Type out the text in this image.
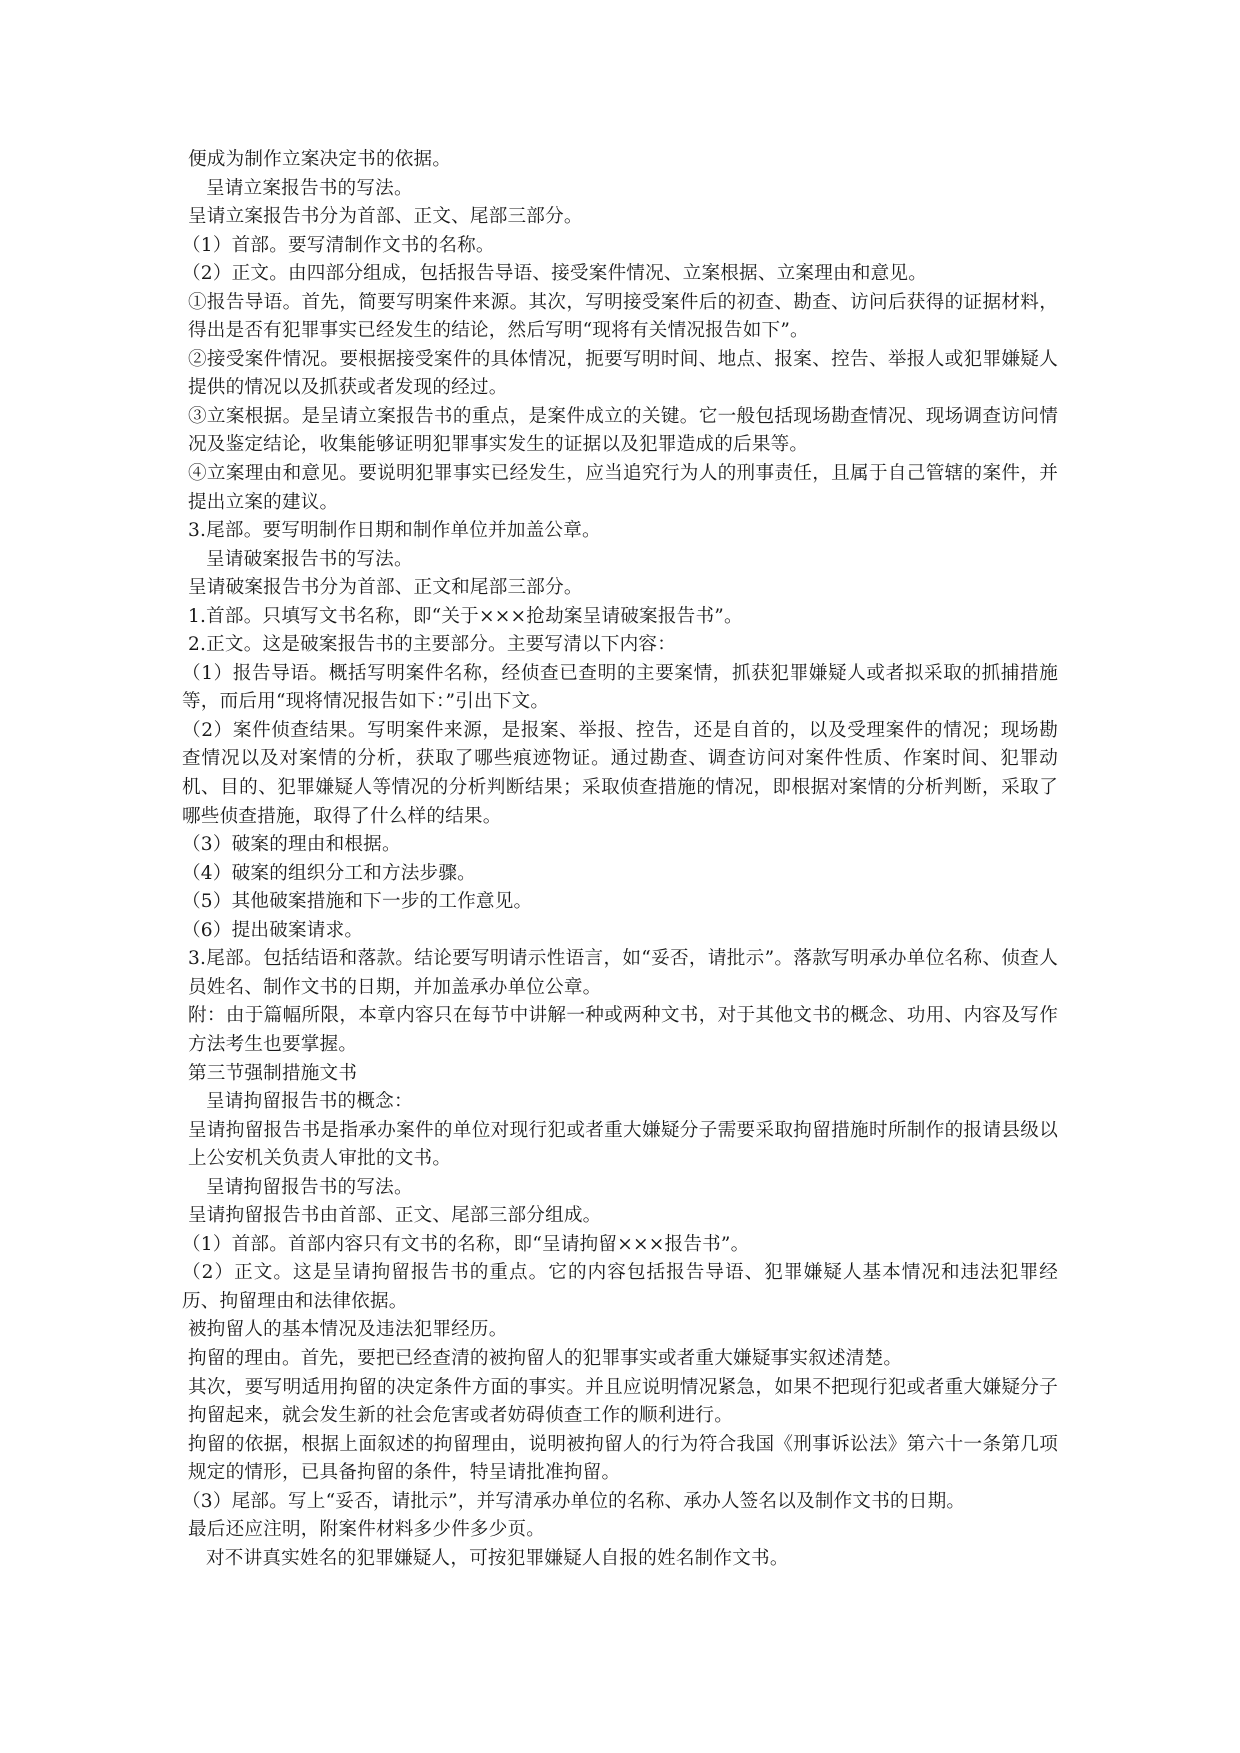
便成为制作立案决定书的依据。

呈请立案报告书的写法。

呈请立案报告书分为首部、正文、尾部三部分。

（1）首部。要写清制作文书的名称。

（2）正文。由四部分组成，包括报告导语、接受案件情况、立案根据、立案理由和意见。

①报告导语。首先，简要写明案件来源。其次，写明接受案件后的初查、勘查、访问后获得的证据材料，得出是否有犯罪事实已经发生的结论，然后写明“现将有关情况报告如下”。

②接受案件情况。要根据接受案件的具体情况，扼要写明时间、地点、报案、控告、举报人或犯罪嫌疑人提供的情况以及抓获或者发现的经过。

③立案根据。是呈请立案报告书的重点，是案件成立的关键。它一般包括现场勘查情况、现场调查访问情况及鉴定结论，收集能够证明犯罪事实发生的证据以及犯罪造成的后果等。

④立案理由和意见。要说明犯罪事实已经发生，应当追究行为人的刑事责任，且属于自己管辖的案件，并提出立案的建议。

3.尾部。要写明制作日期和制作单位并加盖公章。

呈请破案报告书的写法。

呈请破案报告书分为首部、正文和尾部三部分。

1.首部。只填写文书名称，即“关于×××抢劫案呈请破案报告书”。

2.正文。这是破案报告书的主要部分。主要写清以下内容：

（1）报告导语。概括写明案件名称，经侦查已查明的主要案情，抓获犯罪嫌疑人或者拟采取的抓捕措施等，而后用“现将情况报告如下：”引出下文。

（2）案件侦查结果。写明案件来源，是报案、举报、控告，还是自首的，以及受理案件的情况；现场勘查情况以及对案情的分析，获取了哪些痕迹物证。通过勘查、调查访问对案件性质、作案时间、犯罪动机、目的、犯罪嫌疑人等情况的分析判断结果；采取侦查措施的情况，即根据对案情的分析判断，采取了哪些侦查措施，取得了什么样的结果。

（3）破案的理由和根据。

（4）破案的组织分工和方法步骤。

（5）其他破案措施和下一步的工作意见。

（6）提出破案请求。

3.尾部。包括结语和落款。结论要写明请示性语言，如“妥否，请批示”。落款写明承办单位名称、侦查人员姓名、制作文书的日期，并加盖承办单位公章。

附：由于篇幅所限，本章内容只在每节中讲解一种或两种文书，对于其他文书的概念、功用、内容及写作方法考生也要掌握。

第三节强制措施文书

呈请拘留报告书的概念：

呈请拘留报告书是指承办案件的单位对现行犯或者重大嫌疑分子需要采取拘留措施时所制作的报请县级以上公安机关负责人审批的文书。

呈请拘留报告书的写法。

呈请拘留报告书由首部、正文、尾部三部分组成。

（1）首部。首部内容只有文书的名称，即“呈请拘留×××报告书”。

（2）正文。这是呈请拘留报告书的重点。它的内容包括报告导语、犯罪嫌疑人基本情况和违法犯罪经历、拘留理由和法律依据。

被拘留人的基本情况及违法犯罪经历。

拘留的理由。首先，要把已经查清的被拘留人的犯罪事实或者重大嫌疑事实叙述清楚。

其次，要写明适用拘留的决定条件方面的事实。并且应说明情况紧急，如果不把现行犯或者重大嫌疑分子拘留起来，就会发生新的社会危害或者妨碍侦查工作的顺利进行。

拘留的依据，根据上面叙述的拘留理由，说明被拘留人的行为符合我国《刑事诉讼法》第六十一条第几项规定的情形，已具备拘留的条件，特呈请批准拘留。

（3）尾部。写上“妥否，请批示”，并写清承办单位的名称、承办人签名以及制作文书的日期。

最后还应注明，附案件材料多少件多少页。

对不讲真实姓名的犯罪嫌疑人，可按犯罪嫌疑人自报的姓名制作文书。
